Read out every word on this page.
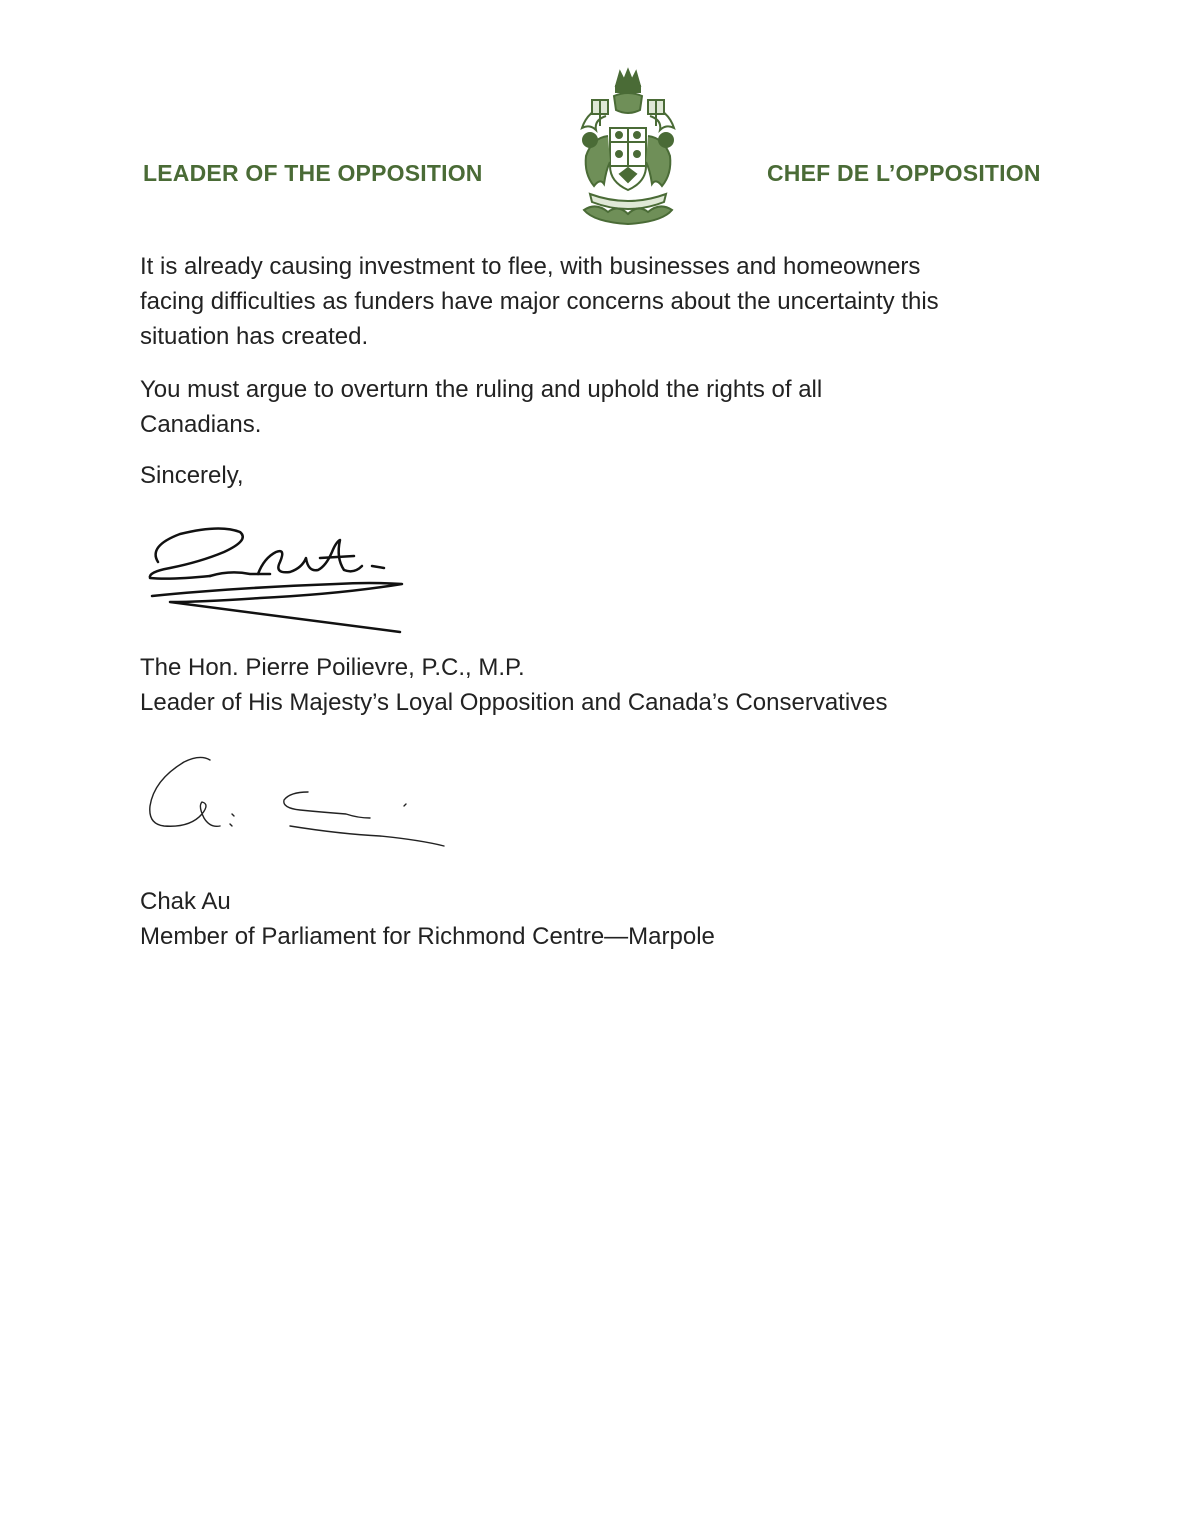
LEADER OF THE OPPOSITION	CHEF DE L’OPPOSITION
It is already causing investment to flee, with businesses and homeowners
facing difficulties as funders have major concerns about the uncertainty this
situation has created.
You must argue to overturn the ruling and uphold the rights of all
Canadians.
Sincerely,
The Hon. Pierre Poilievre, P.C., M.P.
Leader of His Majesty’s Loyal Opposition and Canada’s Conservatives
Chak Au
Member of Parliament for Richmond Centre—Marpole
